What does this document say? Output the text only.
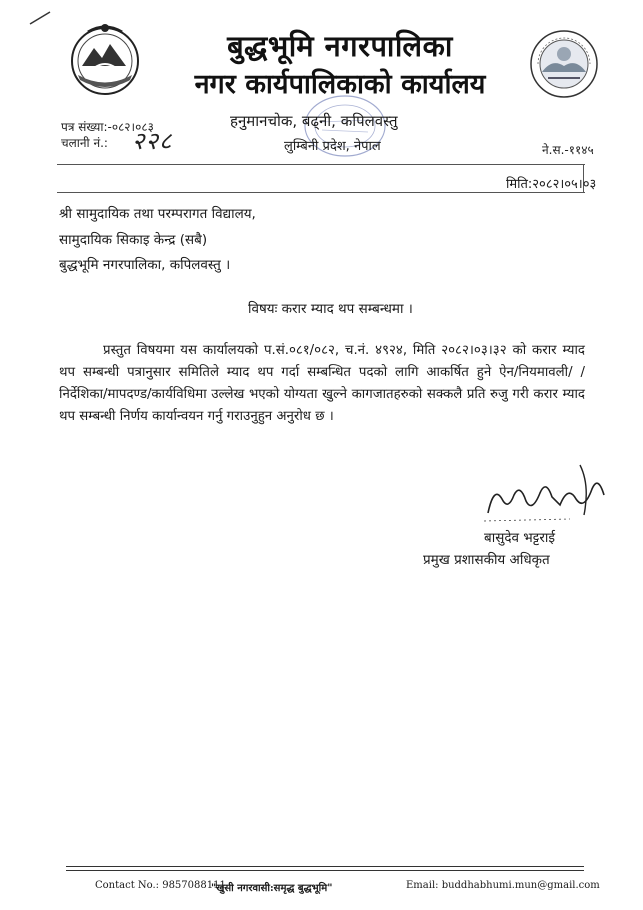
बुद्धभूमि नगरपालिका
नगर कार्यपालिकाको कार्यालय
हनुमानचोक, बढ्नी, कपिलवस्तु
लुम्बिनी प्रदेश, नेपाल
पत्र संख्या:-०८२।०८३
चलानी नं.: २२८	ने.स.-११४५
मिति:२०८२।०५।०३
श्री सामुदायिक तथा परम्परागत विद्यालय,
सामुदायिक सिकाइ केन्द्र (सबै)
बुद्धभूमि नगरपालिका, कपिलवस्तु ।
विषयः करार म्याद थप सम्बन्धमा ।

प्रस्तुत विषयमा यस कार्यालयको प.सं.०८१/०८२, च.नं. ४९२४, मिति २०८२।०३।३२ को करार म्याद थप सम्बन्धी पत्रानुसार समितिले म्याद थप गर्दा सम्बन्धित पदको लागि आकर्षित हुने ऐन/नियमावली/ /निर्देशिका/मापदण्ड/कार्यविधिमा उल्लेख भएको योग्यता खुल्ने कागजातहरुको सक्कलै प्रति रुजु गरी करार म्याद थप सम्बन्धी निर्णय कार्यान्वयन गर्नु गराउनुहुन अनुरोध छ ।

बासुदेव भट्टराई
प्रमुख प्रशासकीय अधिकृत
Contact No.: 9857088111
"खुसी नगरवासी:समृद्ध बुद्धभूमि"	Email: buddhabhumi.mun@gmail.com
